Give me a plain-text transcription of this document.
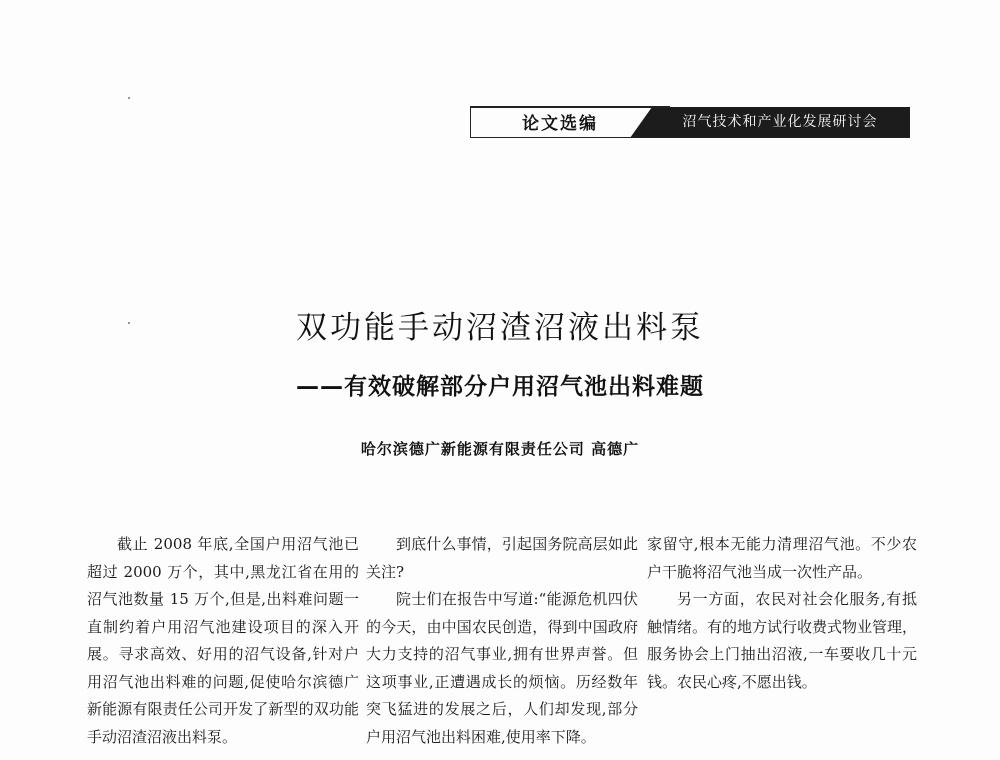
论文选编	沼气技术和产业化发展研讨会
双功能手动沼渣沼液出料泵
——有效破解部分户用沼气池出料难题
哈尔滨德广新能源有限责任公司 高德广

截止 2008 年底,全国户用沼气池已超过 2000 万个，其中,黑龙江省在用的沼气池数量 15 万个,但是,出料难问题一直制约着户用沼气池建设项目的深入开展。寻求高效、好用的沼气设备,针对户用沼气池出料难的问题,促使哈尔滨德广新能源有限责任公司开发了新型的双功能手动沼渣沼液出料泵。

到底什么事情，引起国务院高层如此关注?

院士们在报告中写道:“能源危机四伏的今天，由中国农民创造，得到中国政府大力支持的沼气事业,拥有世界声誉。但这项事业,正遭遇成长的烦恼。历经数年突飞猛进的发展之后，人们却发现,部分户用沼气池出料困难,使用率下降。

家留守,根本无能力清理沼气池。不少农户干脆将沼气池当成一次性产品。

另一方面，农民对社会化服务,有抵触情绪。有的地方试行收费式物业管理，服务协会上门抽出沼液,一车要收几十元钱。农民心疼,不愿出钱。
